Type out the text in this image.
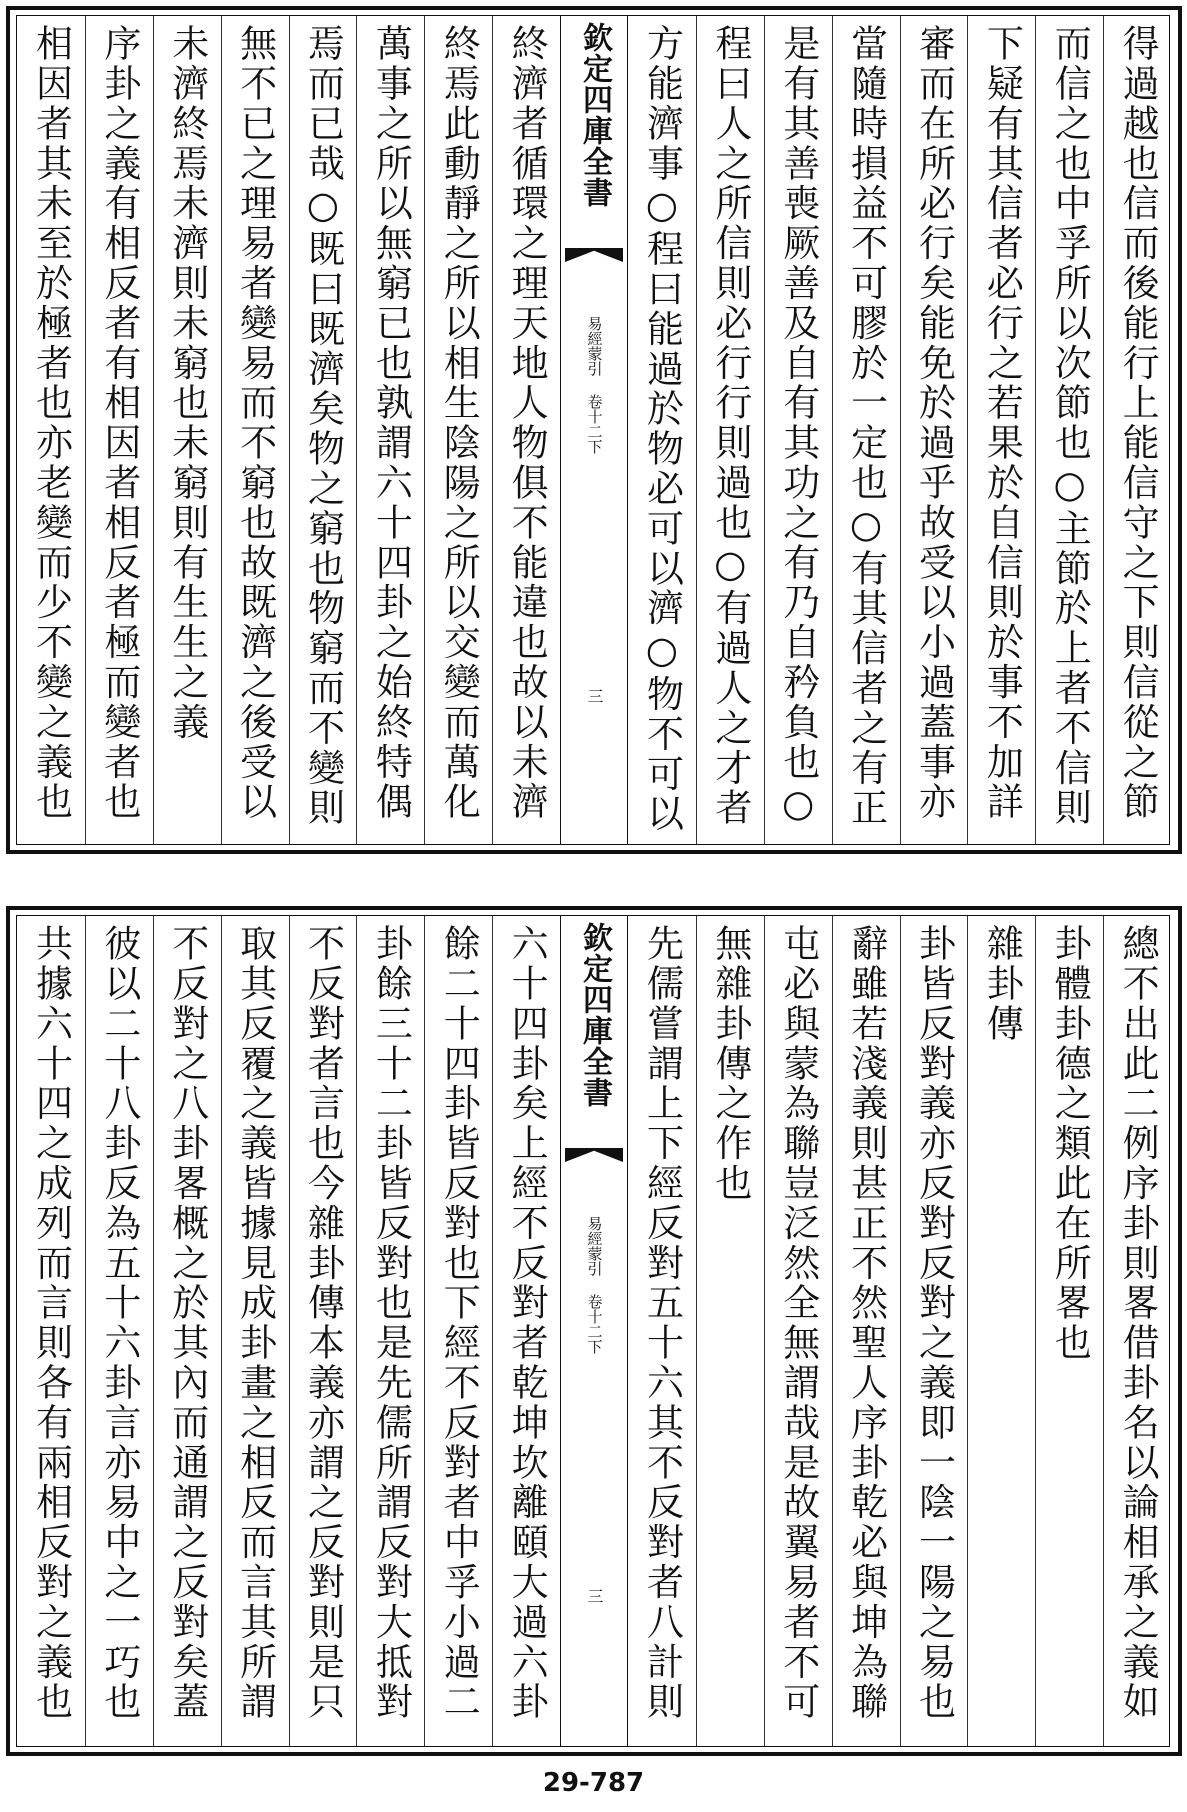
得過越也信而後能行上能信守之下則信從之節
而信之也中孚所以次節也○主節於上者不信則
下疑有其信者必行之若果於自信則於事不加詳
審而在所必行矣能免於過乎故受以小過蓋事亦
當隨時損益不可膠於一定也○有其信者之有正
是有其善喪厥善及自有其功之有乃自矜負也○
程曰人之所信則必行行則過也○有過人之才者
方能濟事○程曰能過於物必可以濟○物不可以
欽定四庫全書
易經蒙引 卷十二下
三
終濟者循環之理天地人物俱不能違也故以未濟
終焉此動靜之所以相生陰陽之所以交變而萬化
萬事之所以無窮已也孰謂六十四卦之始終特偶
焉而已哉○既曰既濟矣物之窮也物窮而不變則
無不已之理易者變易而不窮也故既濟之後受以
未濟終焉未濟則未窮也未窮則有生生之義
序卦之義有相反者有相因者相反者極而變者也
相因者其未至於極者也亦老變而少不變之義也
總不出此二例序卦則畧借卦名以論相承之義如
卦體卦德之類此在所畧也
雜卦傳
卦皆反對義亦反對反對之義即一陰一陽之易也
辭雖若淺義則甚正不然聖人序卦乾必與坤為聯
屯必與蒙為聯豈泛然全無謂哉是故翼易者不可
無雜卦傳之作也
先儒嘗謂上下經反對五十六其不反對者八計則
欽定四庫全書
易經蒙引 卷十二下
三
六十四卦矣上經不反對者乾坤坎離頤大過六卦
餘二十四卦皆反對也下經不反對者中孚小過二
卦餘三十二卦皆反對也是先儒所謂反對大抵對
不反對者言也今雜卦傳本義亦謂之反對則是只
取其反覆之義皆據見成卦畫之相反而言其所謂
不反對之八卦畧概之於其內而通謂之反對矣蓋
彼以二十八卦反為五十六卦言亦易中之一巧也
共據六十四之成列而言則各有兩相反對之義也
29-787
